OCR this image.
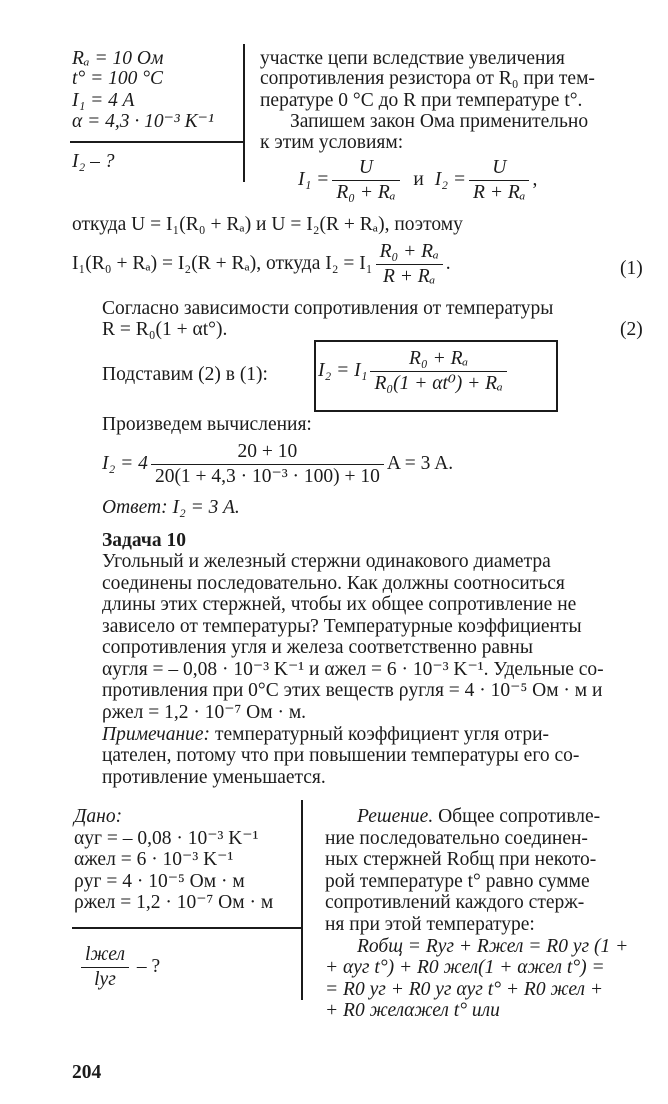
Rₐ = 10 Ом
t° = 100 °C
I₁ = 4 A
α = 4,3 · 10⁻³ K⁻¹
I₂ – ?
участке цепи вследствие увеличения
сопротивления резистора от R₀ при тем-
пературе 0 °C до R при температуре t°.
Запишем закон Ома применительно
к этим условиям:
$I_1 = \frac{U}{\text{R₀ + Rₐ}}$ и $I_2 = \frac{U}{\text{R + Rₐ}}$ ,
откуда U = I₁(R₀ + Rₐ) и U = I₂(R + Rₐ), поэтому
I₁(R₀ + Rₐ) = I₂(R + Rₐ), откуда $I_2 = I_1 \frac{\text{R₀ + Rₐ}}{\text{R + Rₐ}}$ .	(1)
Согласно зависимости сопротивления от температуры
R = R₀(1 + αt°).	(2)
Подставим (2) в (1):	$I_2 = I_1 \frac{\text{R₀ + Rₐ}}{\text{R₀(1 + αt⁰) + Rₐ}}$
Произведем вычисления:
$I_2 = 4 \frac{20 + 10}{\text{20(1 + 4,3 · 10⁻³ · 100) + 10}}$ A = 3 A.
Ответ: I₂ = 3 A.
Задача 10
Угольный и железный стержни одинакового диаметра
соединены последовательно. Как должны соотноситься
длины этих стержней, чтобы их общее сопротивление не
зависело от температуры? Температурные коэффициенты
сопротивления угля и железа соответственно равны
αугля = – 0,08 · 10⁻³ K⁻¹ и αжел = 6 · 10⁻³ K⁻¹. Удельные со-
противления при 0°C этих веществ ρугля = 4 · 10⁻⁵ Ом · м и
ρжел = 1,2 · 10⁻⁷ Ом · м.
Примечание: температурный коэффициент угля отри-
цателен, потому что при повышении температуры его со-
противление уменьшается.
Дано:
αуг = – 0,08 · 10⁻³ K⁻¹
αжел = 6 · 10⁻³ K⁻¹
ρуг = 4 · 10⁻⁵ Ом · м
ρжел = 1,2 · 10⁻⁷ Ом · м
$\frac{\text{lжел}}{\text{lуг}}$ – ?
Решение. Общее сопротивле-
ние последовательно соединен-
ных стержней Rобщ при некото-
рой температуре t° равно сумме
сопротивлений каждого стерж-
ня при этой температуре:
Rобщ = Rуг + Rжел = R0 уг (1 +
+ αуг t°) + R0 жел(1 + αжел t°) =
= R0 уг + R0 уг αуг t° + R0 жел +
+ R0 желαжел t° или
204
